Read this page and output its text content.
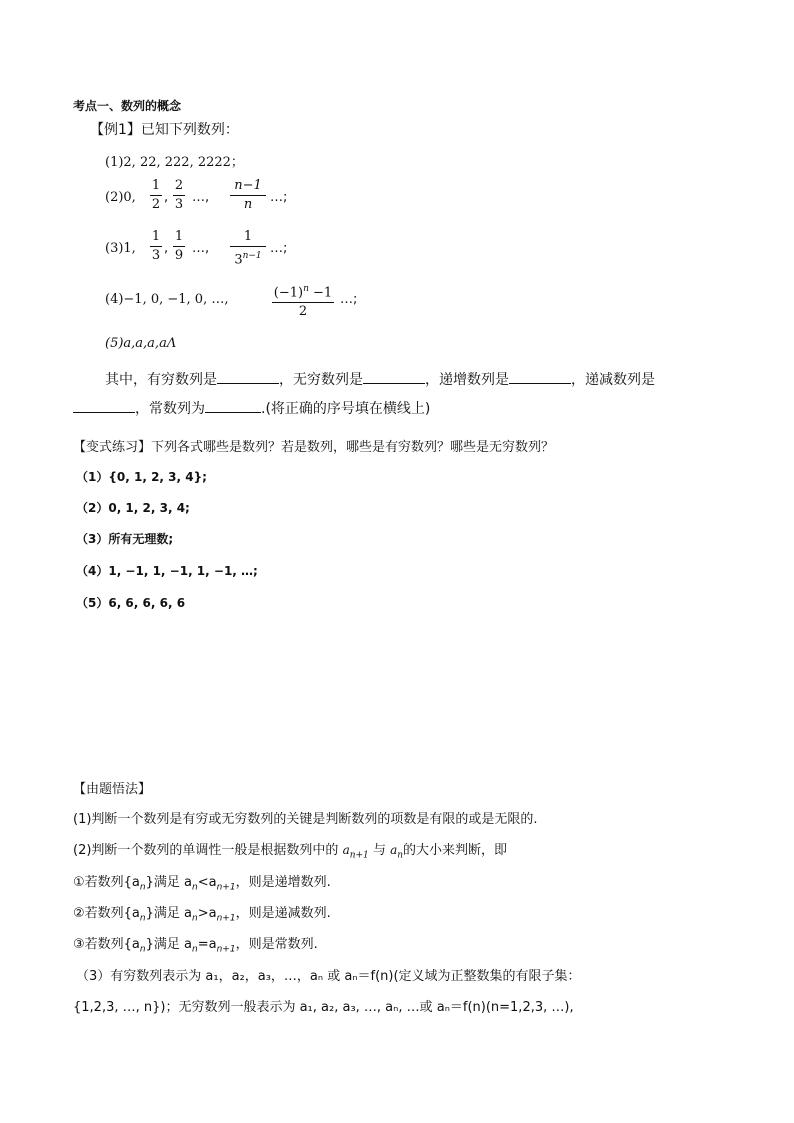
考点一、数列的概念
【例1】已知下列数列：
(1)2, 22, 222, 2222；
(2)0,
1
2 ,
2
3 …,
n−1
n	…;
(3)1,
1
3 ,
1
9 …,
1
$3^{n-1}$ …;
(4)−1, 0, −1, 0, …,	$(-1)^n -1$
2
…;
(5)a,a,a,aΛ
其中，有穷数列是	，无穷数列是	，递增数列是	，递减数列是
，常数列为	.(将正确的序号填在横线上)
【变式练习】下列各式哪些是数列？若是数列，哪些是有穷数列？哪些是无穷数列？
（1）{0, 1, 2, 3, 4};
（2）0, 1, 2, 3, 4;
（3）所有无理数;
（4）1, −1, 1, −1, 1, −1, …;
（5）6, 6, 6, 6, 6
【由题悟法】
(1)判断一个数列是有穷或无穷数列的关键是判断数列的项数是有限的或是无限的.
(2)判断一个数列的单调性一般是根据数列中的 $a_{n+1}$ 与 $a_n$的大小来判断，即
①若数列$\{a_n\}$满足 $a_n<a_{n+1}$，则是递增数列.
②若数列$\{a_n\}$满足 $a_n>a_{n+1}$，则是递减数列.
③若数列$\{a_n\}$满足 $a_n=a_{n+1}$，则是常数列.
（3）有穷数列表示为 a₁，a₂，a₃，…，aₙ 或 aₙ＝f(n)(定义域为正整数集的有限子集：
{1,2,3, …, n})；无穷数列一般表示为 a₁, a₂, a₃, …, aₙ, …或 aₙ＝f(n)(n=1,2,3, …),
